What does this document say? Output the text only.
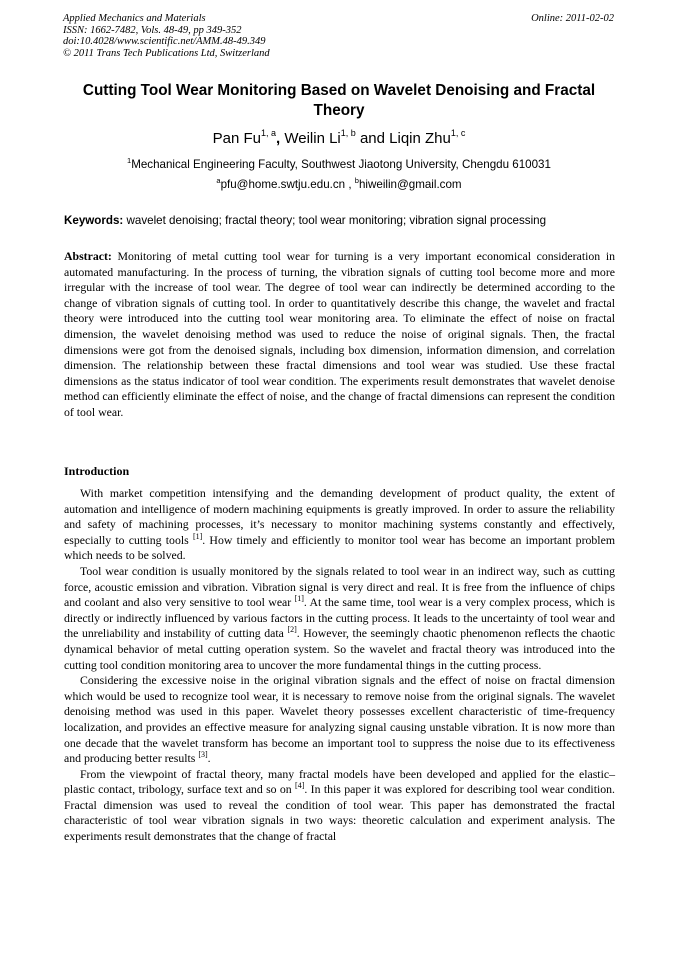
Applied Mechanics and Materials
ISSN: 1662-7482, Vols. 48-49, pp 349-352
doi:10.4028/www.scientific.net/AMM.48-49.349
© 2011 Trans Tech Publications Ltd, Switzerland
Online: 2011-02-02
Cutting Tool Wear Monitoring Based on Wavelet Denoising and Fractal Theory
Pan Fu$^{1, a}$, Weilin Li$^{1, b}$ and Liqin Zhu$^{1, c}$
$^1$Mechanical Engineering Faculty, Southwest Jiaotong University, Chengdu 610031
$^a$pfu@home.swtju.edu.cn , $^b$hiweilin@gmail.com
Keywords: wavelet denoising; fractal theory; tool wear monitoring; vibration signal processing
Abstract: Monitoring of metal cutting tool wear for turning is a very important economical consideration in automated manufacturing. In the process of turning, the vibration signals of cutting tool become more and more irregular with the increase of tool wear. The degree of tool wear can indirectly be determined according to the change of vibration signals of cutting tool. In order to quantitatively describe this change, the wavelet and fractal theory were introduced into the cutting tool wear monitoring area. To eliminate the effect of noise on fractal dimension, the wavelet denoising method was used to reduce the noise of original signals. Then, the fractal dimensions were got from the denoised signals, including box dimension, information dimension, and correlation dimension. The relationship between these fractal dimensions and tool wear was studied. Use these fractal dimensions as the status indicator of tool wear condition. The experiments result demonstrates that wavelet denoise method can efficiently eliminate the effect of noise, and the change of fractal dimensions can represent the condition of tool wear.
Introduction

With market competition intensifying and the demanding development of product quality, the extent of automation and intelligence of modern machining equipments is greatly improved. In order to assure the reliability and safety of machining processes, it’s necessary to monitor machining systems constantly and effectively, especially to cutting tools [1]. How timely and efficiently to monitor tool wear has become an important problem which needs to be solved.

Tool wear condition is usually monitored by the signals related to tool wear in an indirect way, such as cutting force, acoustic emission and vibration. Vibration signal is very direct and real. It is free from the influence of chips and coolant and also very sensitive to tool wear [1]. At the same time, tool wear is a very complex process, which is directly or indirectly influenced by various factors in the cutting process. It leads to the uncertainty of tool wear and the unreliability and instability of cutting data [2]. However, the seemingly chaotic phenomenon reflects the chaotic dynamical behavior of metal cutting operation system. So the wavelet and fractal theory was introduced into the cutting tool condition monitoring area to uncover the more fundamental things in the cutting process.

Considering the excessive noise in the original vibration signals and the effect of noise on fractal dimension which would be used to recognize tool wear, it is necessary to remove noise from the original signals. The wavelet denoising method was used in this paper. Wavelet theory possesses excellent characteristic of time-frequency localization, and provides an effective measure for analyzing signal causing unstable vibration. It is now more than one decade that the wavelet transform has become an important tool to suppress the noise due to its effectiveness and producing better results [3].

From the viewpoint of fractal theory, many fractal models have been developed and applied for the elastic–plastic contact, tribology, surface text and so on [4]. In this paper it was explored for describing tool wear condition. Fractal dimension was used to reveal the condition of tool wear. This paper has demonstrated the fractal characteristic of tool wear vibration signals in two ways: theoretic calculation and experiment analysis. The experiments result demonstrates that the change of fractal
